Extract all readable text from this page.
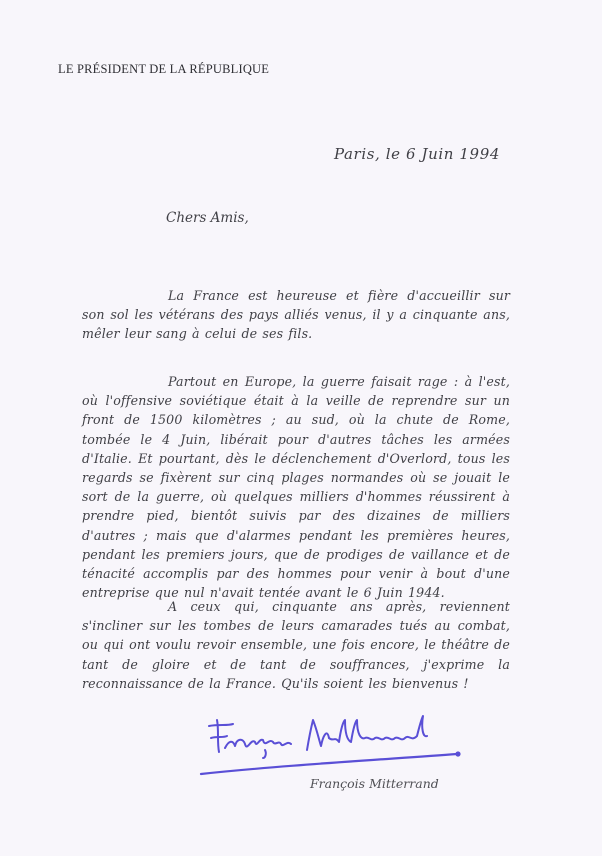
LE PRÉSIDENT DE LA RÉPUBLIQUE
Paris, le 6 Juin 1994
Chers Amis,
La France est heureuse et fière d'accueillir sur son sol les vétérans des pays alliés venus, il y a cinquante ans, mêler leur sang à celui de ses fils.
Partout en Europe, la guerre faisait rage : à l'est, où l'offensive soviétique était à la veille de reprendre sur un front de 1500 kilomètres ; au sud, où la chute de Rome, tombée le 4 Juin, libérait pour d'autres tâches les armées d'Italie. Et pourtant, dès le déclenchement d'Overlord, tous les regards se fixèrent sur cinq plages normandes où se jouait le sort de la guerre, où quelques milliers d'hommes réussirent à prendre pied, bientôt suivis par des dizaines de milliers d'autres ; mais que d'alarmes pendant les premières heures, pendant les premiers jours, que de prodiges de vaillance et de ténacité accomplis par des hommes pour venir à bout d'une entreprise que nul n'avait tentée avant le 6 Juin 1944.
A ceux qui, cinquante ans après, reviennent s'incliner sur les tombes de leurs camarades tués au combat, ou qui ont voulu revoir ensemble, une fois encore, le théâtre de tant de gloire et de tant de souffrances, j'exprime la reconnaissance de la France. Qu'ils soient les bienvenus !
François Mitterrand
